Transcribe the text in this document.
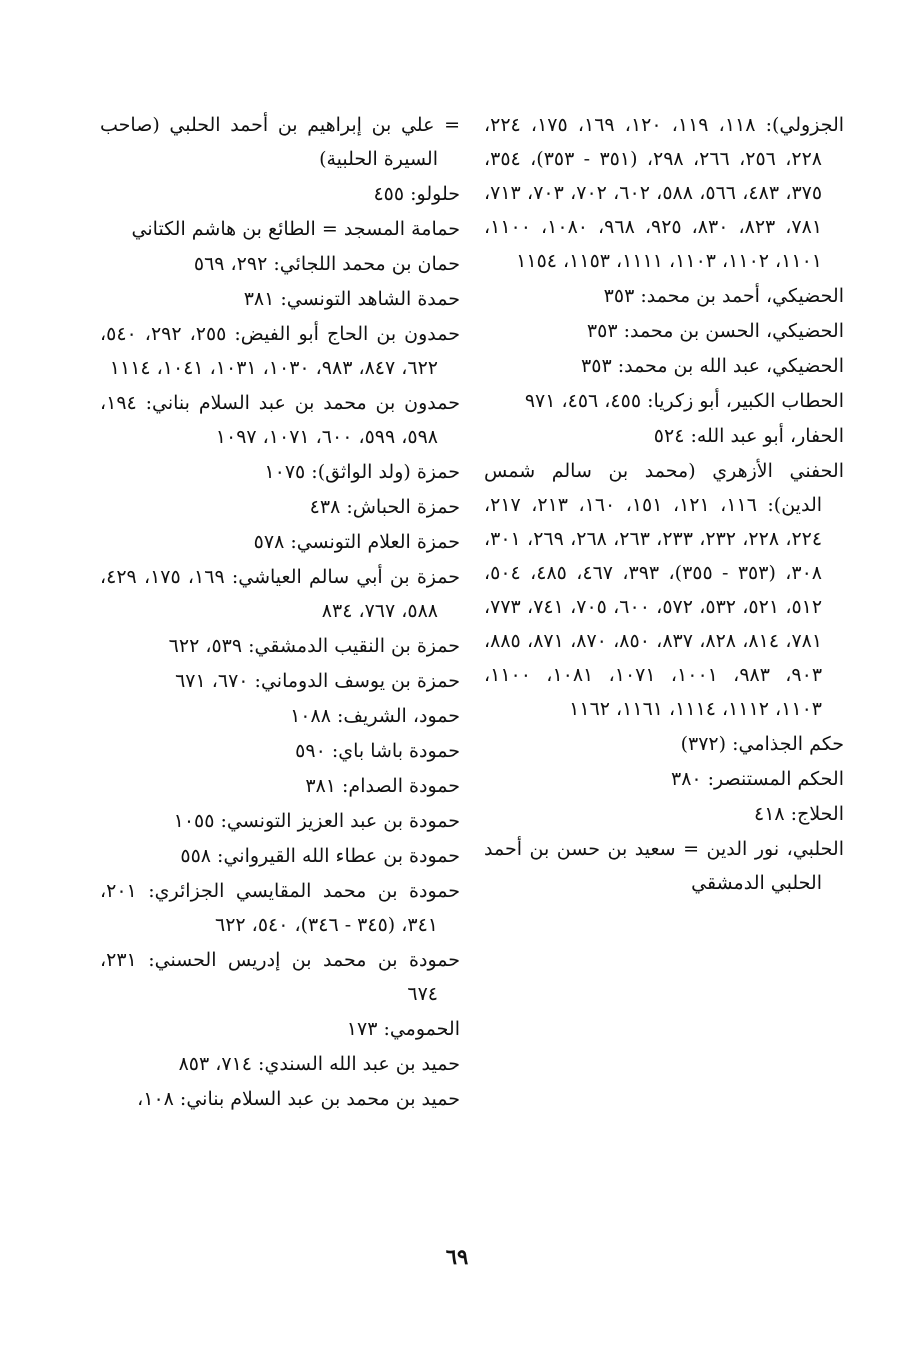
الجزولي): ١١٨، ١١٩، ١٢٠، ١٦٩، ١٧٥، ٢٢٤، ٢٢٨، ٢٥٦، ٢٦٦، ٢٩٨، (٣٥١ - ٣٥٣)، ٣٥٤، ٣٧٥، ٤٨٣، ٥٦٦، ٥٨٨، ٦٠٢، ٧٠٢، ٧٠٣، ٧١٣، ٧٨١، ٨٢٣، ٨٣٠، ٩٢٥، ٩٦٨، ١٠٨٠، ١١٠٠، ١١٠١، ١١٠٢، ١١٠٣، ١١١١، ١١٥٣، ١١٥٤

الحضيكي، أحمد بن محمد: ٣٥٣

الحضيكي، الحسن بن محمد: ٣٥٣

الحضيكي، عبد الله بن محمد: ٣٥٣

الحطاب الكبير، أبو زكريا: ٤٥٥، ٤٥٦، ٩٧١

الحفار، أبو عبد الله: ٥٢٤

الحفني الأزهري (محمد بن سالم شمس الدين): ١١٦، ١٢١، ١٥١، ١٦٠، ٢١٣، ٢١٧، ٢٢٤، ٢٢٨، ٢٣٢، ٢٣٣، ٢٦٣، ٢٦٨، ٢٦٩، ٣٠١، ٣٠٨، (٣٥٣ - ٣٥٥)، ٣٩٣، ٤٦٧، ٤٨٥، ٥٠٤، ٥١٢، ٥٢١، ٥٣٢، ٥٧٢، ٦٠٠، ٧٠٥، ٧٤١، ٧٧٣، ٧٨١، ٨١٤، ٨٢٨، ٨٣٧، ٨٥٠، ٨٧٠، ٨٧١، ٨٨٥، ٩٠٣، ٩٨٣، ١٠٠١، ١٠٧١، ١٠٨١، ١١٠٠، ١١٠٣، ١١١٢، ١١١٤، ١١٦١، ١١٦٢

حكم الجذامي: (٣٧٢)

الحكم المستنصر: ٣٨٠

الحلاج: ٤١٨

الحلبي، نور الدين = سعيد بن حسن بن أحمد الحلبي الدمشقي

= علي بن إبراهيم بن أحمد الحلبي (صاحب السيرة الحلبية)

حلولو: ٤٥٥

حمامة المسجد = الطائع بن هاشم الكتاني

حمان بن محمد اللجائي: ٢٩٢، ٥٦٩

حمدة الشاهد التونسي: ٣٨١

حمدون بن الحاج أبو الفيض: ٢٥٥، ٢٩٢، ٥٤٠، ٦٢٢، ٨٤٧، ٩٨٣، ١٠٣٠، ١٠٣١، ١٠٤١، ١١١٤

حمدون بن محمد بن عبد السلام بناني: ١٩٤، ٥٩٨، ٥٩٩، ٦٠٠، ١٠٧١، ١٠٩٧

حمزة (ولد الواثق): ١٠٧٥

حمزة الحباش: ٤٣٨

حمزة العلام التونسي: ٥٧٨

حمزة بن أبي سالم العياشي: ١٦٩، ١٧٥، ٤٢٩، ٥٨٨، ٧٦٧، ٨٣٤

حمزة بن النقيب الدمشقي: ٥٣٩، ٦٢٢

حمزة بن يوسف الدوماني: ٦٧٠، ٦٧١

حمود، الشريف: ١٠٨٨

حمودة باشا باي: ٥٩٠

حمودة الصدام: ٣٨١

حمودة بن عبد العزيز التونسي: ١٠٥٥

حمودة بن عطاء الله القيرواني: ٥٥٨

حمودة بن محمد المقايسي الجزائري: ٢٠١، ٣٤١، (٣٤٥ - ٣٤٦)، ٥٤٠، ٦٢٢

حمودة بن محمد بن إدريس الحسني: ٢٣١، ٦٧٤

الحمومي: ١٧٣

حميد بن عبد الله السندي: ٧١٤، ٨٥٣

حميد بن محمد بن عبد السلام بناني: ١٠٨،

٦٩
